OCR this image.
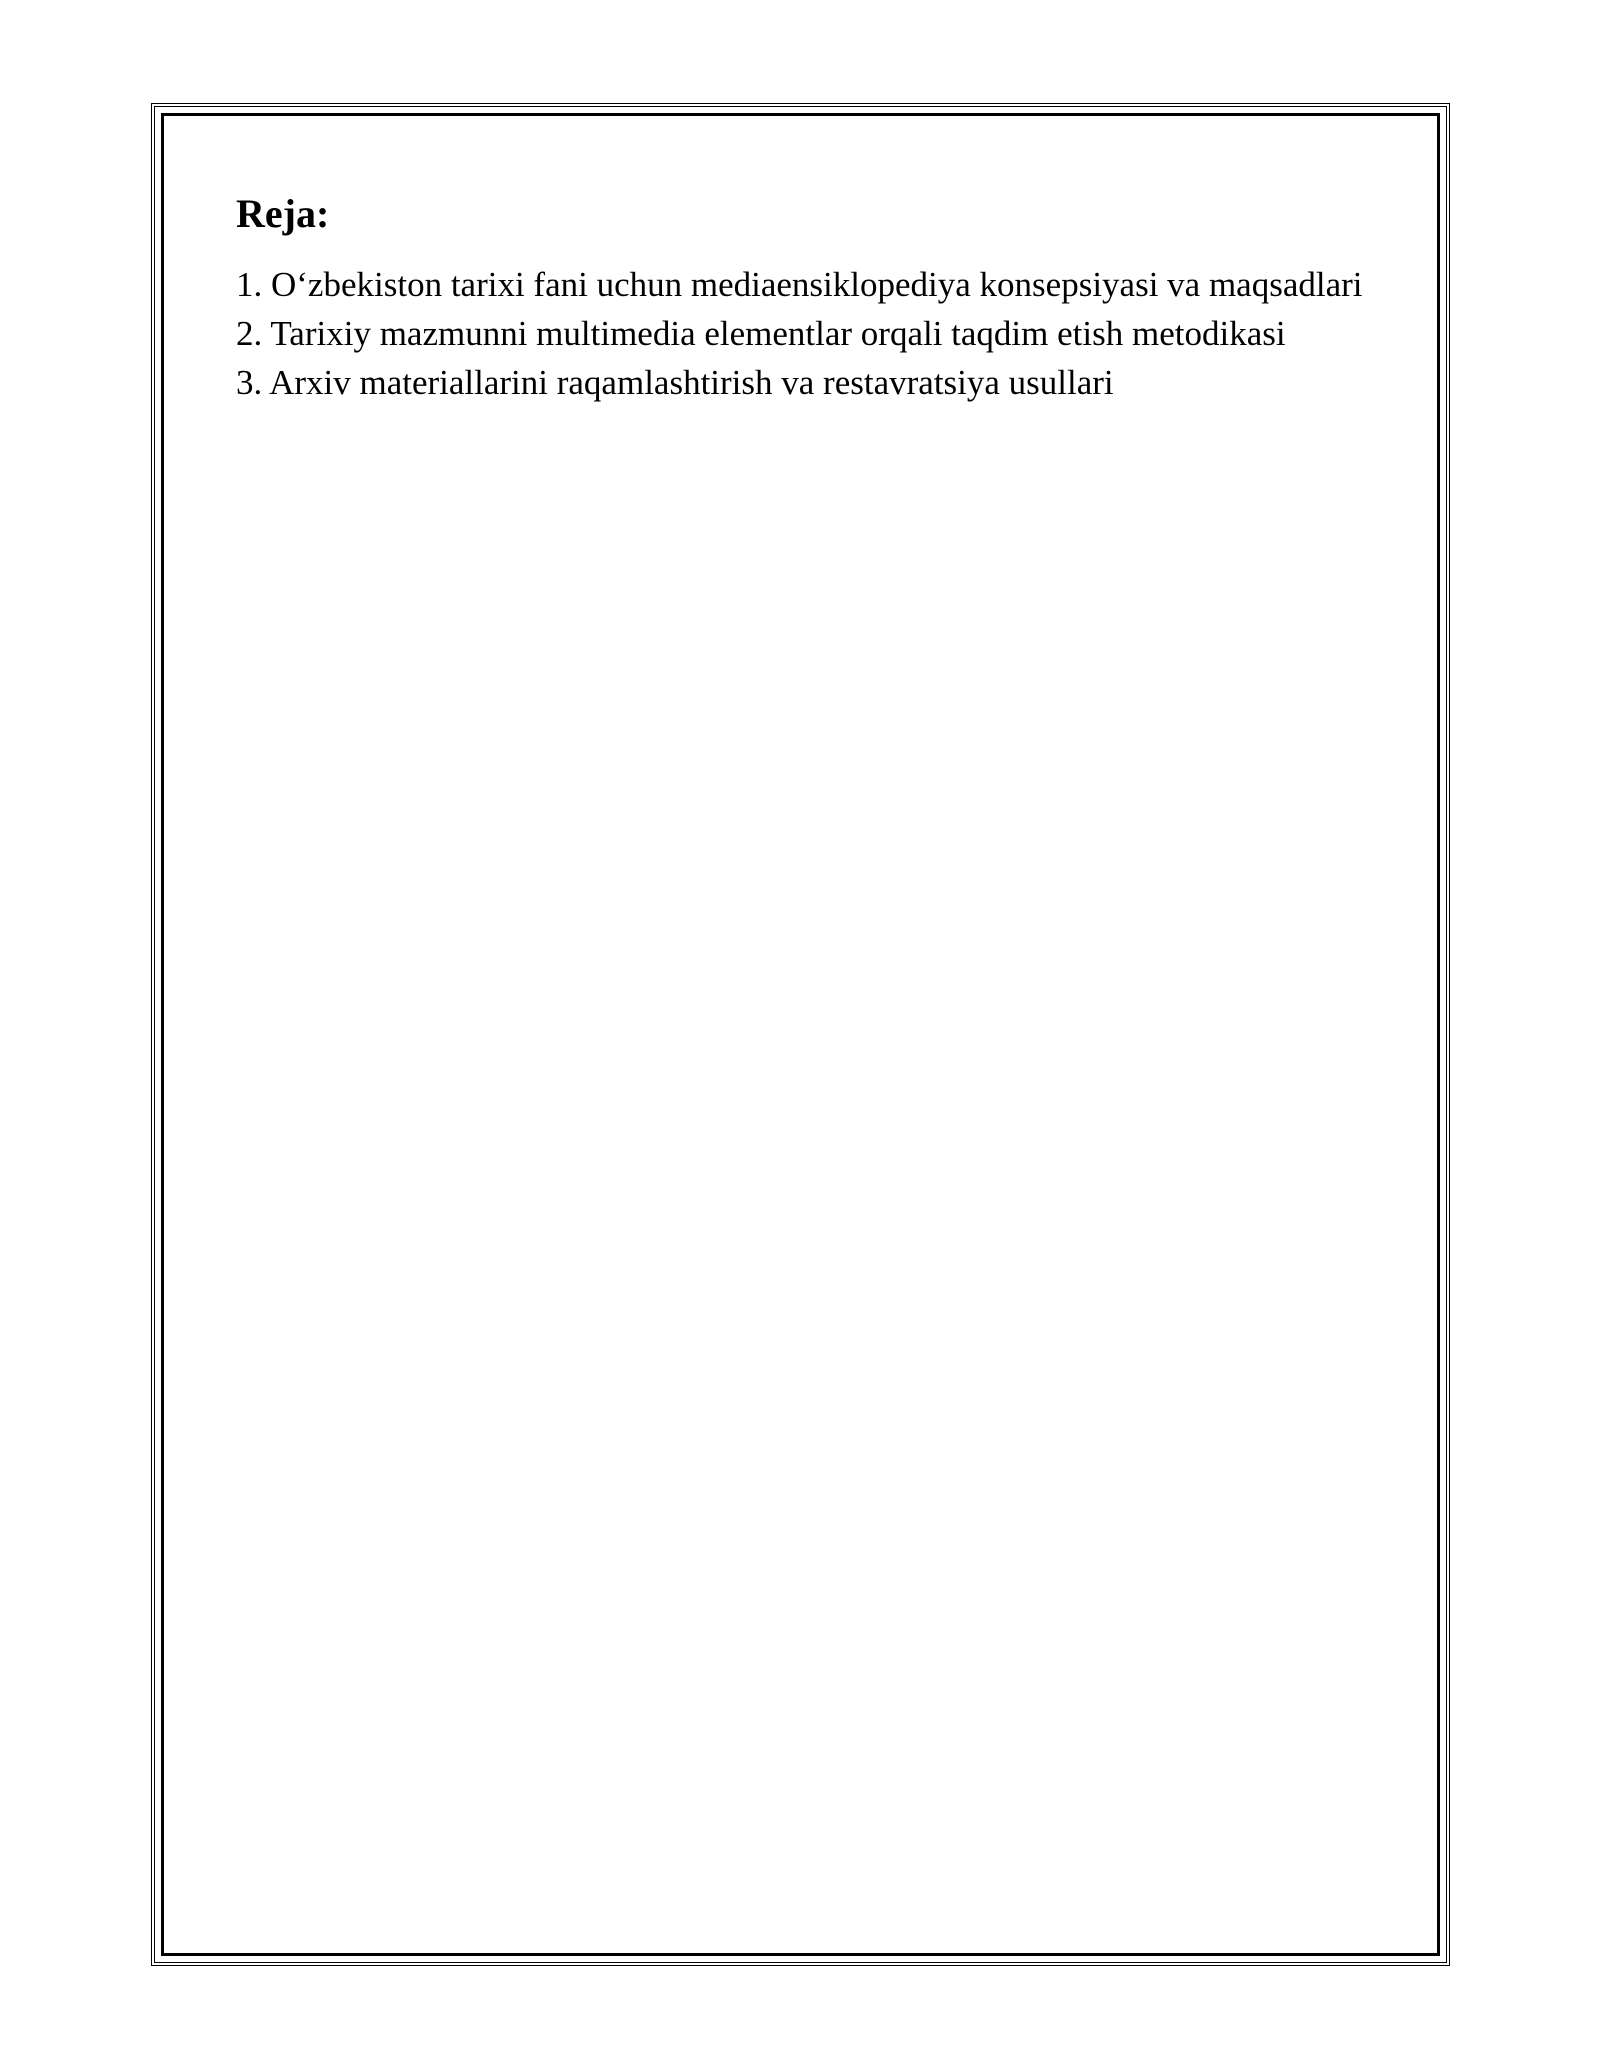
Reja:
1. O‘zbekiston tarixi fani uchun mediaensiklopediya konsepsiyasi va maqsadlari
2. Tarixiy mazmunni multimedia elementlar orqali taqdim etish metodikasi
3. Arxiv materiallarini raqamlashtirish va restavratsiya usullari
